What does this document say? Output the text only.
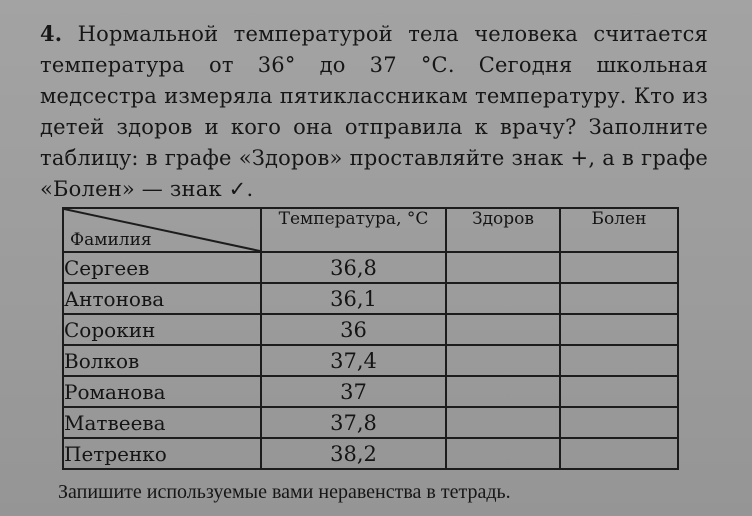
4. Нормальной температурой тела человека считается температура от 36° до 37 °С. Сегодня школьная медсестра измеряла пятиклассникам температуру. Кто из детей здоров и кого она отправила к врачу? Заполните таблицу: в графе «Здоров» проставляйте знак +, а в графе «Болен» — знак ✓.
Фамилия	Температура, °С	Здоров	Болен
Сергеев	36,8		
Антонова	36,1		
Сорокин	36		
Волков	37,4		
Романова	37		
Матвеева	37,8		
Петренко	38,2		
Запишите используемые вами неравенства в тетрадь.
